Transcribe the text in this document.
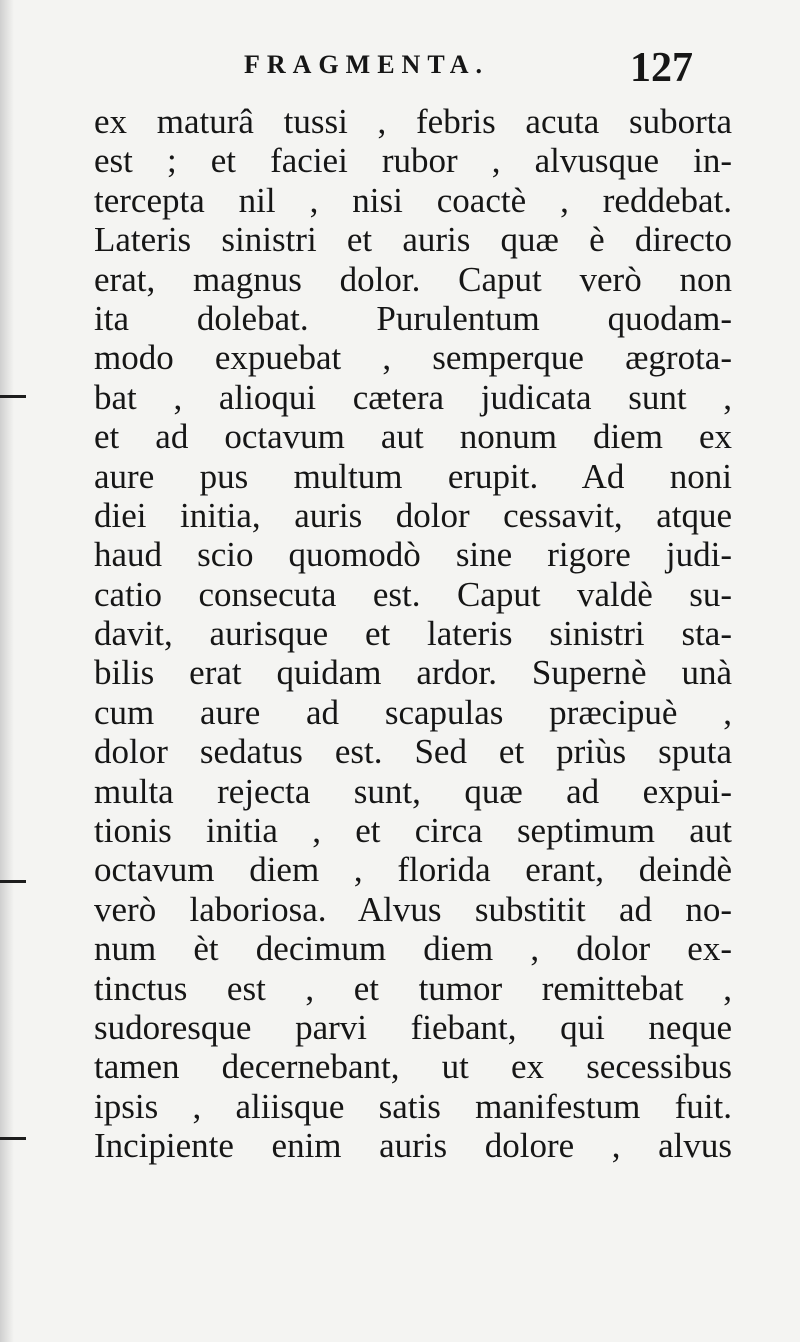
FRAGMENTA.	127
ex maturâ tussi , febris acuta suborta
est ; et faciei rubor , alvusque in-
tercepta nil , nisi coactè , reddebat.
Lateris sinistri et auris quæ è directo
erat, magnus dolor. Caput verò non
ita dolebat. Purulentum quodam-
modo expuebat , semperque ægrota-
bat , alioqui cætera judicata sunt ,
et ad octavum aut nonum diem ex
aure pus multum erupit. Ad noni
diei initia, auris dolor cessavit, atque
haud scio quomodò sine rigore judi-
catio consecuta est. Caput valdè su-
davit, aurisque et lateris sinistri sta-
bilis erat quidam ardor. Supernè unà
cum aure ad scapulas præcipuè ,
dolor sedatus est. Sed et priùs sputa
multa rejecta sunt, quæ ad expui-
tionis initia , et circa septimum aut
octavum diem , florida erant, deindè
verò laboriosa. Alvus substitit ad no-
num èt decimum diem , dolor ex-
tinctus est , et tumor remittebat ,
sudoresque parvi fiebant, qui neque
tamen decernebant, ut ex secessibus
ipsis , aliisque satis manifestum fuit.
Incipiente enim auris dolore , alvus
